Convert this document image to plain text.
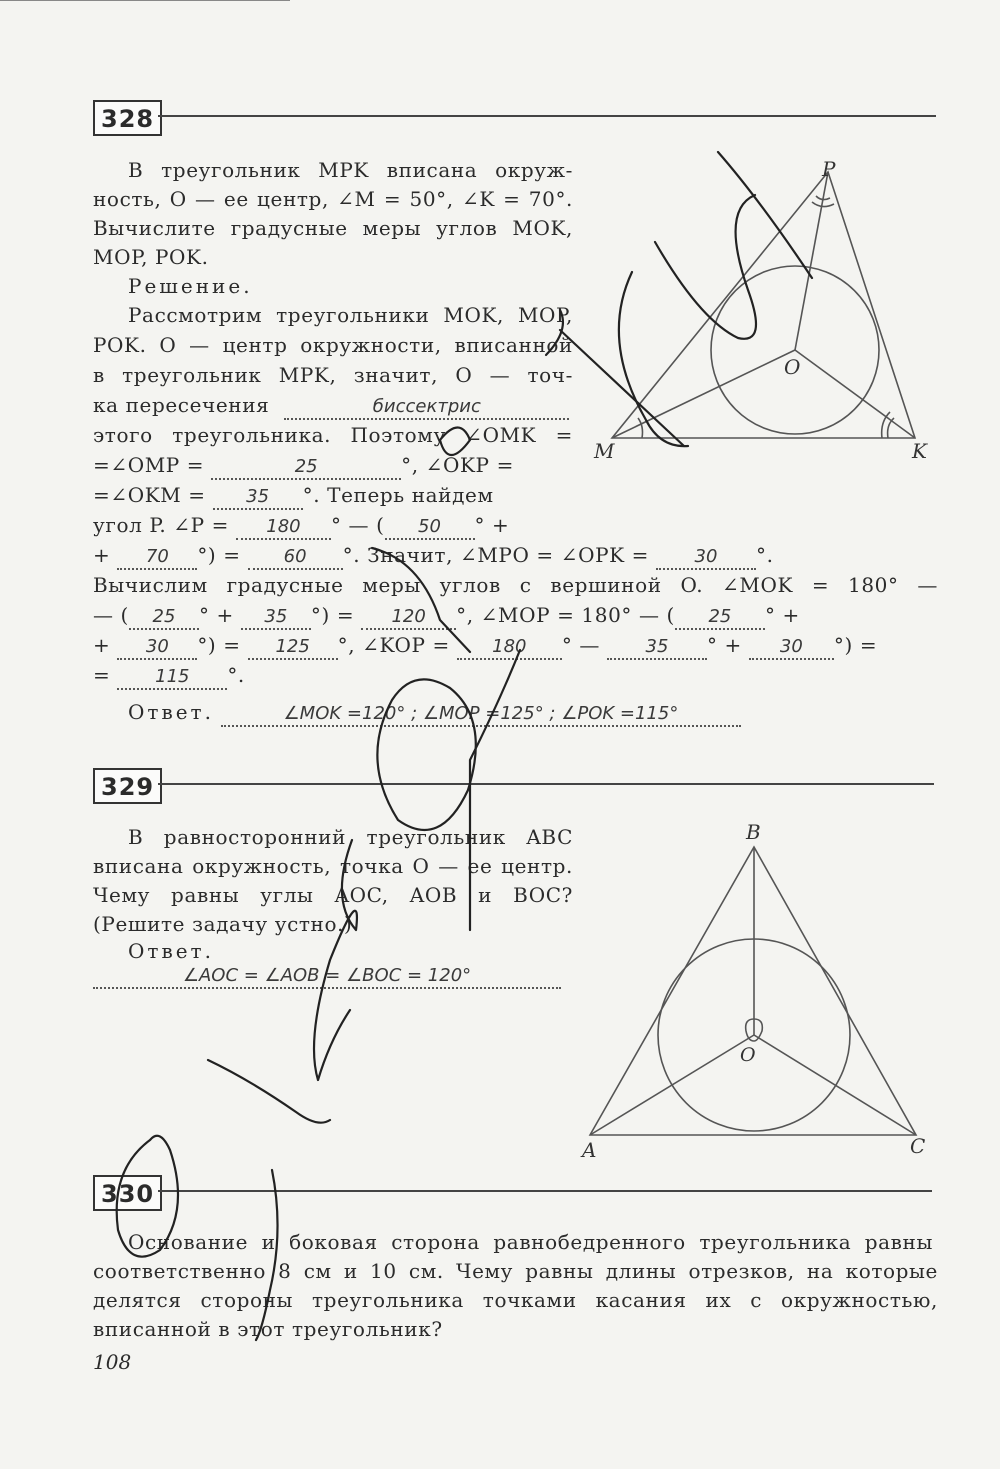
328
В треугольник MPK вписана окруж-
ность, O — ее центр, ∠M = 50°, ∠K = 70°.
Вычислите градусные меры углов MOK,
MOP, POK.
Решение.
Рассмотрим треугольники MOK, MOP,
POK. O — центр окружности, вписанной
в треугольник MPK, значит, O — точ-
ка пересечения	биссектрис
этого треугольника. Поэтому ∠OMK =
=∠OMP =	25	°, ∠OKP =
=∠OKM = 35 °. Теперь найдем
угол P. ∠P = 180 ° — ( 50 ° +
+ 70 °) = 60 °. Значит, ∠MPO = ∠OPK =	30 °.
Вычислим градусные меры углов с вершиной O. ∠MOK = 180° —
— ( 25 ° + 35 °) = 120 °, ∠MOP = 180° — ( 25 ° +
+ 30 °) = 125 °, ∠KOP = 180 ° —	35 ° + 30 °) =
= 115 °.
Ответ.	∠MOK =120° ; ∠MOP =125° ; ∠POK =115°
P
M	K
O
329
В равносторонний треугольник ABC
вписана окружность, точка O — ее центр.
Чему равны углы AOC, AOB и BOC?
(Решите задачу устно.)
Ответ.
∠AOC = ∠AOB = ∠BOC = 120°
B
A	C
O
330
Основание и боковая сторона равнобедренного треугольника равны
соответственно 8 см и 10 см. Чему равны длины отрезков, на которые
делятся стороны треугольника точками касания их с окружностью,
вписанной в этот треугольник?
108
